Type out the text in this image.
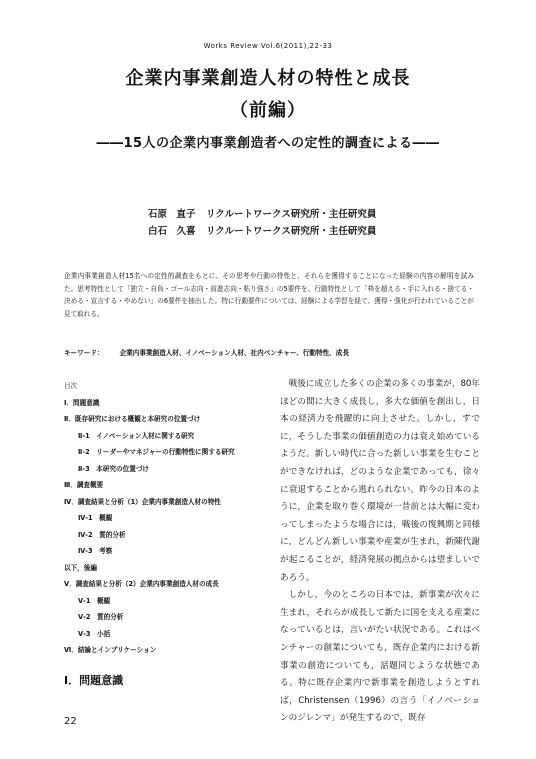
Works Review Vol.6(2011),22-33
企業内事業創造人材の特性と成長
（前編）
――15人の企業内事業創造者への定性的調査による――
石原　直子	リクルートワークス研究所・主任研究員
白石　久喜	リクルートワークス研究所・主任研究員
企業内事業創造人材15名への定性的調査をもとに、その思考や行動の特性と、それらを獲得することになった経験の内容の解明を試みた。思考特性として「独立・自負・ゴール志向・前進志向・粘り強さ」の5要件を、行動特性として「枠を超える・手に入れる・捨てる・決める・宣言する・やめない」の6要件を抽出した。特に行動要件については、経験による学習を経て、獲得・強化が行われていることが見て取れる。
キーワード： 企業内事業創造人材、イノベーション人材、社内ベンチャー、行動特性、成長
目次
Ⅰ．問題意識
Ⅱ．既存研究における概観と本研究の位置づけ
Ⅱ-1　イノベーション人材に関する研究
Ⅱ-2　リーダーやマネジャーの行動特性に関する研究
Ⅱ-3　本研究の位置づけ
Ⅲ．調査概要
Ⅳ．調査結果と分析（1）企業内事業創造人材の特性
Ⅳ-1　概観
Ⅳ-2　質的分析
Ⅳ-3　考察
以下，後編
Ⅴ．調査結果と分析（2）企業内事業創造人材の成長
Ⅴ-1　概観
Ⅴ-2　質的分析
Ⅴ-3　小括
Ⅵ．結論とインプリケーション
Ⅰ．問題意識

戦後に成立した多くの企業の多くの事業が，80年ほどの間に大きく成長し，多大な価値を創出し，日本の経済力を飛躍的に向上させた。しかし，すでに，そうした事業の価値創造の力は衰え始めているようだ。新しい時代に合った新しい事業を生むことができなければ，どのような企業であっても，徐々に衰退することから逃れられない。昨今の日本のように，企業を取り巻く環境が一昔前とは大幅に変わってしまったような場合には，戦後の復興期と同様に，どんどん新しい事業や産業が生まれ，新陳代謝が起こることが，経済発展の拠点からは望ましいであろう。

しかし，今のところの日本では，新事業が次々に生まれ，それらが成長して新たに国を支える産業になっているとは，言いがたい状況である。これはベンチャーの創業についても，既存企業内における新事業の創造についても，話題同じような状態である。特に既存企業内で新事業を創造しようとすれば，Christensen（1996）の言う「イノベーションのジレンマ」が発生するので，既存

22
